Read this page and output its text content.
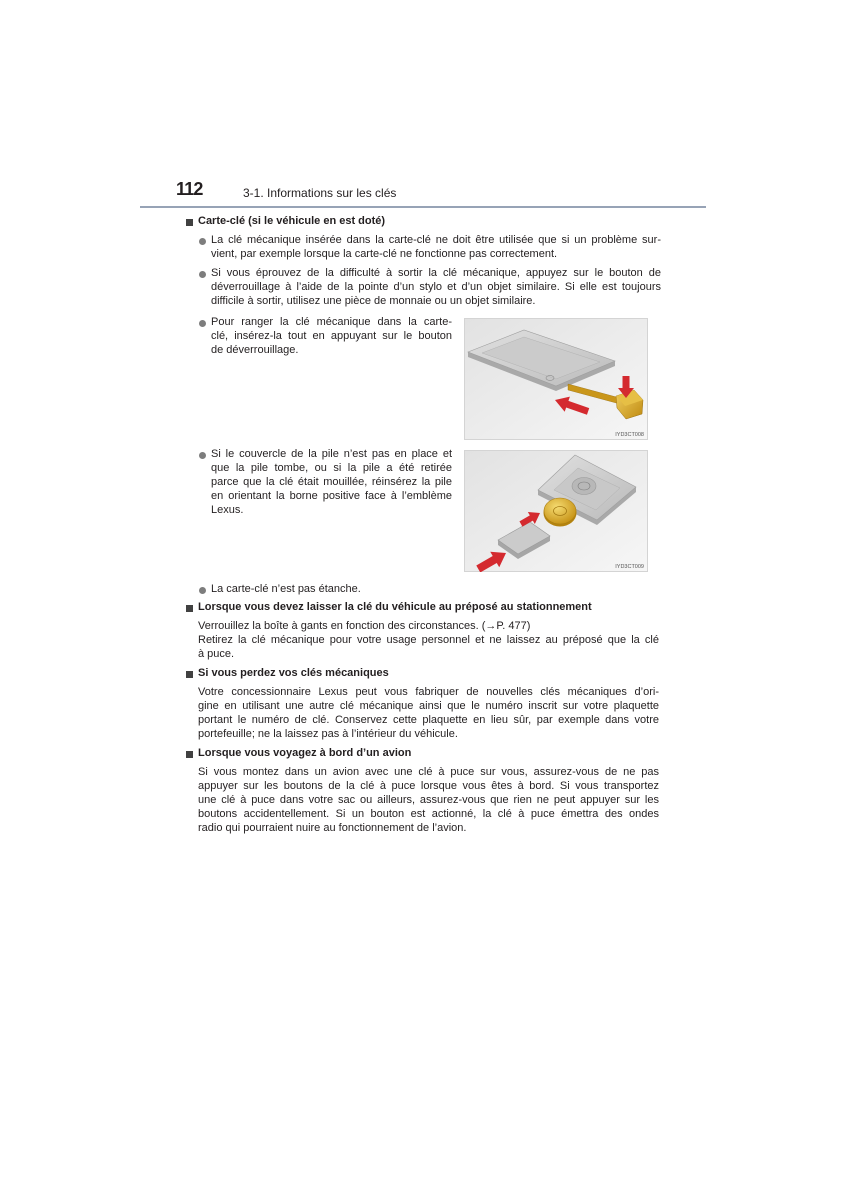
112	3-1. Informations sur les clés
Carte-clé (si le véhicule en est doté)
La clé mécanique insérée dans la carte-clé ne doit être utilisée que si un problème sur-
vient, par exemple lorsque la carte-clé ne fonctionne pas correctement.
Si vous éprouvez de la difficulté à sortir la clé mécanique, appuyez sur le bouton de
déverrouillage à l’aide de la pointe d’un stylo et d’un objet similaire. Si elle est toujours
difficile à sortir, utilisez une pièce de monnaie ou un objet similaire.
Pour ranger la clé mécanique dans la carte-
clé, insérez-la tout en appuyant sur le bouton
de déverrouillage.
IYD3CT008
Si le couvercle de la pile n’est pas en place et
que la pile tombe, ou si la pile a été retirée
parce que la clé était mouillée, réinsérez la pile
en orientant la borne positive face à l’emblème
Lexus.
IYD3CT009
La carte-clé n’est pas étanche.
Lorsque vous devez laisser la clé du véhicule au préposé au stationnement
Verrouillez la boîte à gants en fonction des circonstances. (→P. 477)
Retirez la clé mécanique pour votre usage personnel et ne laissez au préposé que la clé
à puce.
Si vous perdez vos clés mécaniques
Votre concessionnaire Lexus peut vous fabriquer de nouvelles clés mécaniques d’ori-
gine en utilisant une autre clé mécanique ainsi que le numéro inscrit sur votre plaquette
portant le numéro de clé. Conservez cette plaquette en lieu sûr, par exemple dans votre
portefeuille; ne la laissez pas à l’intérieur du véhicule.
Lorsque vous voyagez à bord d’un avion
Si vous montez dans un avion avec une clé à puce sur vous, assurez-vous de ne pas
appuyer sur les boutons de la clé à puce lorsque vous êtes à bord. Si vous transportez
une clé à puce dans votre sac ou ailleurs, assurez-vous que rien ne peut appuyer sur les
boutons accidentellement. Si un bouton est actionné, la clé à puce émettra des ondes
radio qui pourraient nuire au fonctionnement de l’avion.
